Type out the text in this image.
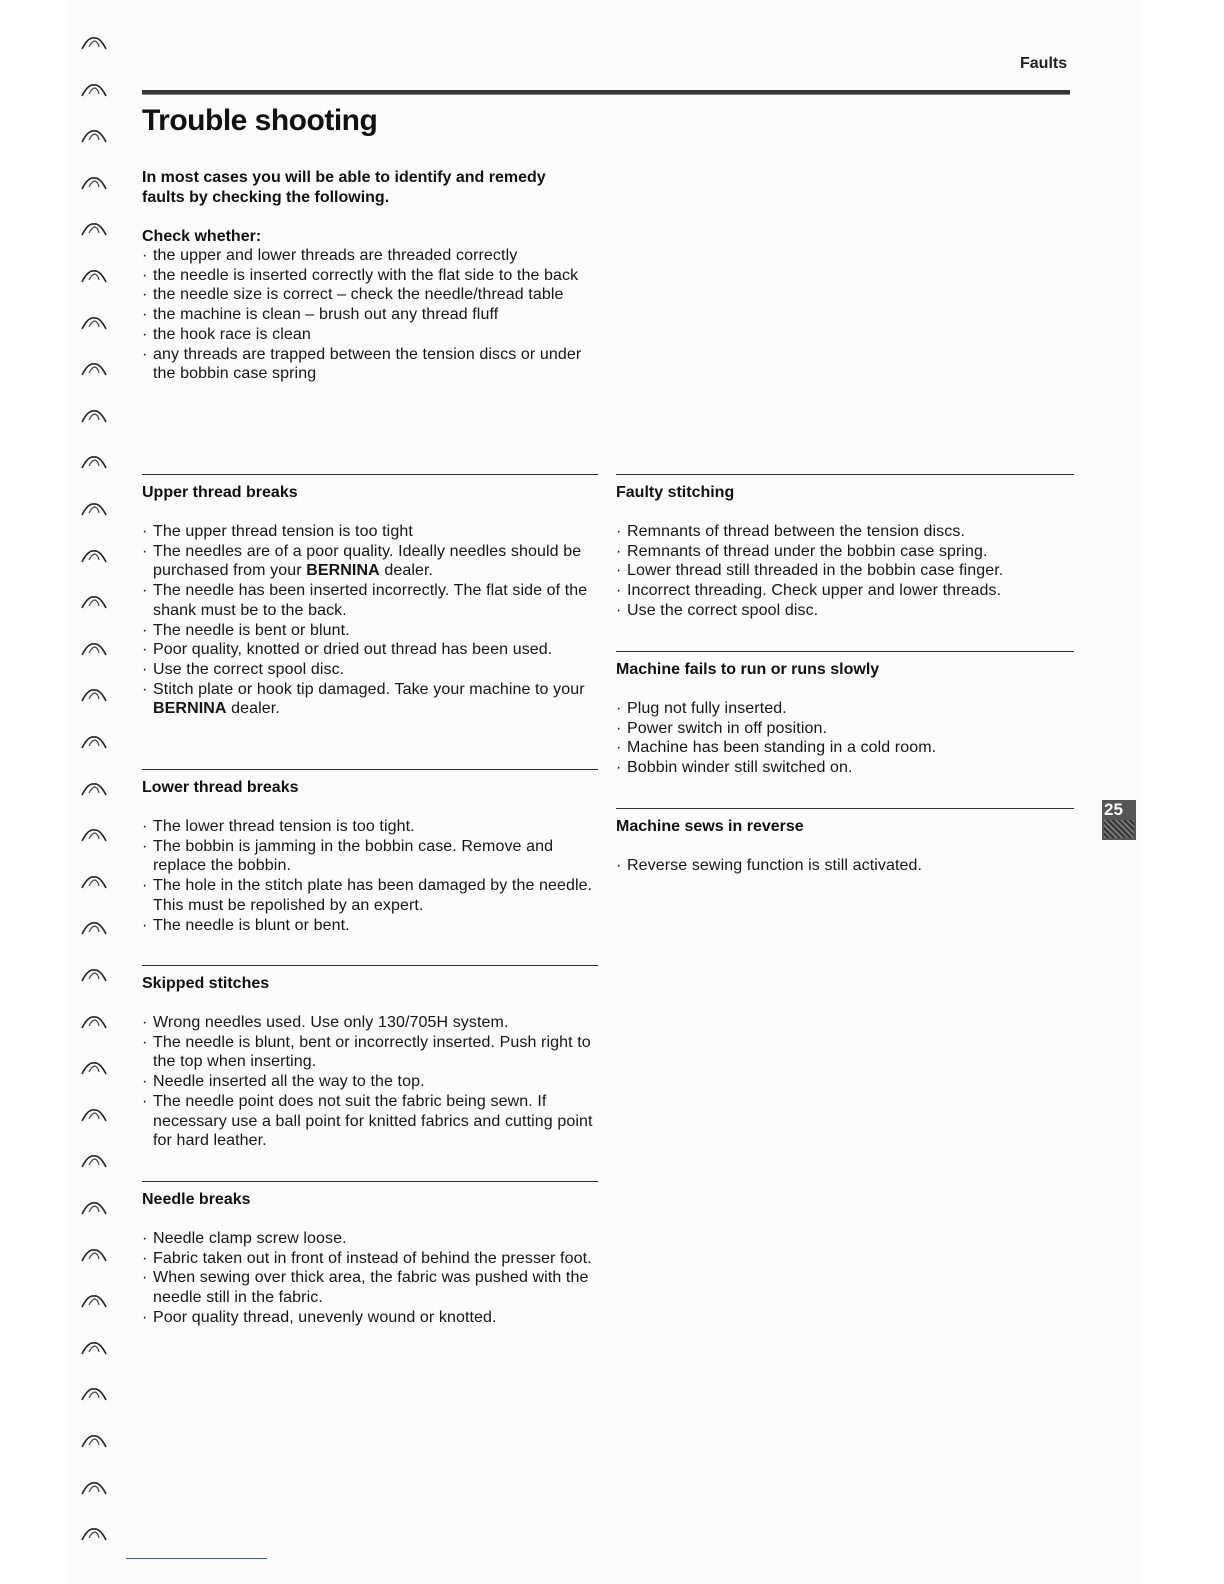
Faults
Trouble shooting
In most cases you will be able to identify and remedy faults by checking the following.
Check whether:
· the upper and lower threads are threaded correctly
· the needle is inserted correctly with the flat side to the back
· the needle size is correct – check the needle/thread table
· the machine is clean – brush out any thread fluff
· the hook race is clean
· any threads are trapped between the tension discs or under the bobbin case spring
Upper thread breaks
· The upper thread tension is too tight
· The needles are of a poor quality. Ideally needles should be purchased from your BERNINA dealer.
· The needle has been inserted incorrectly. The flat side of the shank must be to the back.
· The needle is bent or blunt.
· Poor quality, knotted or dried out thread has been used.
· Use the correct spool disc.
· Stitch plate or hook tip damaged. Take your machine to your BERNINA dealer.
Lower thread breaks
· The lower thread tension is too tight.
· The bobbin is jamming in the bobbin case. Remove and replace the bobbin.
· The hole in the stitch plate has been damaged by the needle. This must be repolished by an expert.
· The needle is blunt or bent.
Skipped stitches
· Wrong needles used. Use only 130/705H system.
· The needle is blunt, bent or incorrectly inserted. Push right to the top when inserting.
· Needle inserted all the way to the top.
· The needle point does not suit the fabric being sewn. If necessary use a ball point for knitted fabrics and cutting point for hard leather.
Needle breaks
· Needle clamp screw loose.
· Fabric taken out in front of instead of behind the presser foot.
· When sewing over thick area, the fabric was pushed with the needle still in the fabric.
· Poor quality thread, unevenly wound or knotted.
Faulty stitching
· Remnants of thread between the tension discs.
· Remnants of thread under the bobbin case spring.
· Lower thread still threaded in the bobbin case finger.
· Incorrect threading. Check upper and lower threads.
· Use the correct spool disc.
Machine fails to run or runs slowly
· Plug not fully inserted.
· Power switch in off position.
· Machine has been standing in a cold room.
· Bobbin winder still switched on.
Machine sews in reverse
· Reverse sewing function is still activated.
25
